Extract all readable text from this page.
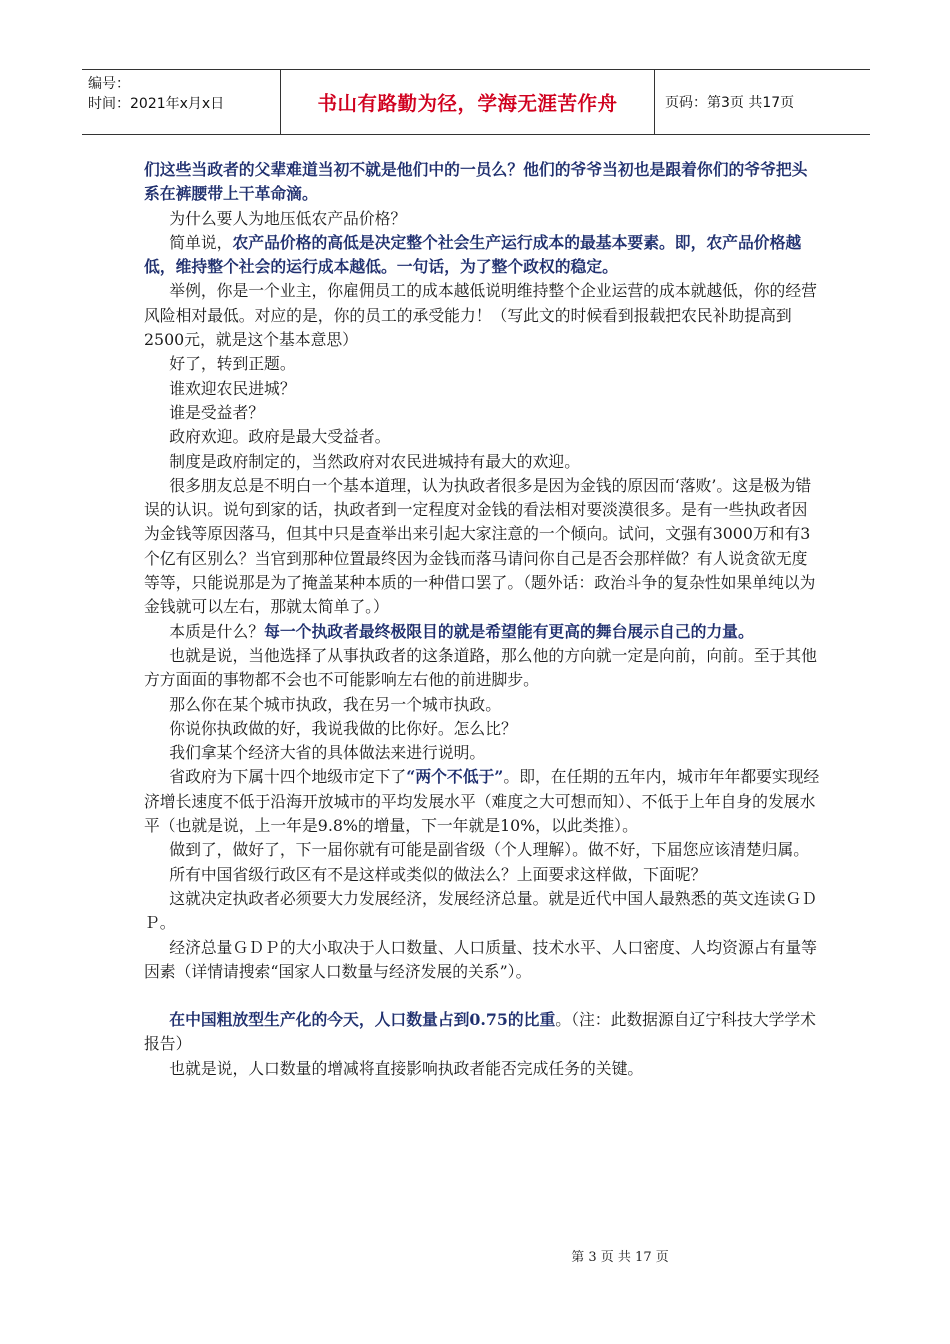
编号：
时间：2021年x月x日	书山有路勤为径，学海无涯苦作舟	页码：第3页 共17页

们这些当政者的父辈难道当初不就是他们中的一员么？他们的爷爷当初也是跟着你们的爷爷把头系在裤腰带上干革命滴。

为什么要人为地压低农产品价格？

简单说，农产品价格的高低是决定整个社会生产运行成本的最基本要素。即，农产品价格越低，维持整个社会的运行成本越低。一句话，为了整个政权的稳定。

举例，你是一个业主，你雇佣员工的成本越低说明维持整个企业运营的成本就越低，你的经营风险相对最低。对应的是，你的员工的承受能力！（写此文的时候看到报载把农民补助提高到2500元，就是这个基本意思）

好了，转到正题。

谁欢迎农民进城？

谁是受益者？

政府欢迎。政府是最大受益者。

制度是政府制定的，当然政府对农民进城持有最大的欢迎。

很多朋友总是不明白一个基本道理，认为执政者很多是因为金钱的原因而‘落败’。这是极为错误的认识。说句到家的话，执政者到一定程度对金钱的看法相对要淡漠很多。是有一些执政者因为金钱等原因落马，但其中只是查举出来引起大家注意的一个倾向。试问，文强有3000万和有3个亿有区别么？当官到那种位置最终因为金钱而落马请问你自己是否会那样做？有人说贪欲无度等等，只能说那是为了掩盖某种本质的一种借口罢了。（题外话：政治斗争的复杂性如果单纯以为金钱就可以左右，那就太简单了。）

本质是什么？每一个执政者最终极限目的就是希望能有更高的舞台展示自己的力量。

也就是说，当他选择了从事执政者的这条道路，那么他的方向就一定是向前，向前。至于其他方方面面的事物都不会也不可能影响左右他的前进脚步。

那么你在某个城市执政，我在另一个城市执政。

你说你执政做的好，我说我做的比你好。怎么比？

我们拿某个经济大省的具体做法来进行说明。

省政府为下属十四个地级市定下了“两个不低于”。即，在任期的五年内，城市年年都要实现经济增长速度不低于沿海开放城市的平均发展水平（难度之大可想而知）、不低于上年自身的发展水平（也就是说，上一年是9.8%的增量，下一年就是10%，以此类推）。

做到了，做好了，下一届你就有可能是副省级（个人理解）。做不好，下届您应该清楚归属。

所有中国省级行政区有不是这样或类似的做法么？上面要求这样做，下面呢？

这就决定执政者必须要大力发展经济，发展经济总量。就是近代中国人最熟悉的英文连读ＧＤＰ。

经济总量ＧＤＰ的大小取决于人口数量、人口质量、技术水平、人口密度、人均资源占有量等因素（详情请搜索“国家人口数量与经济发展的关系”）。

在中国粗放型生产化的今天，人口数量占到0.75的比重。（注：此数据源自辽宁科技大学学术报告）

也就是说，人口数量的增减将直接影响执政者能否完成任务的关键。

第 3 页 共 17 页
